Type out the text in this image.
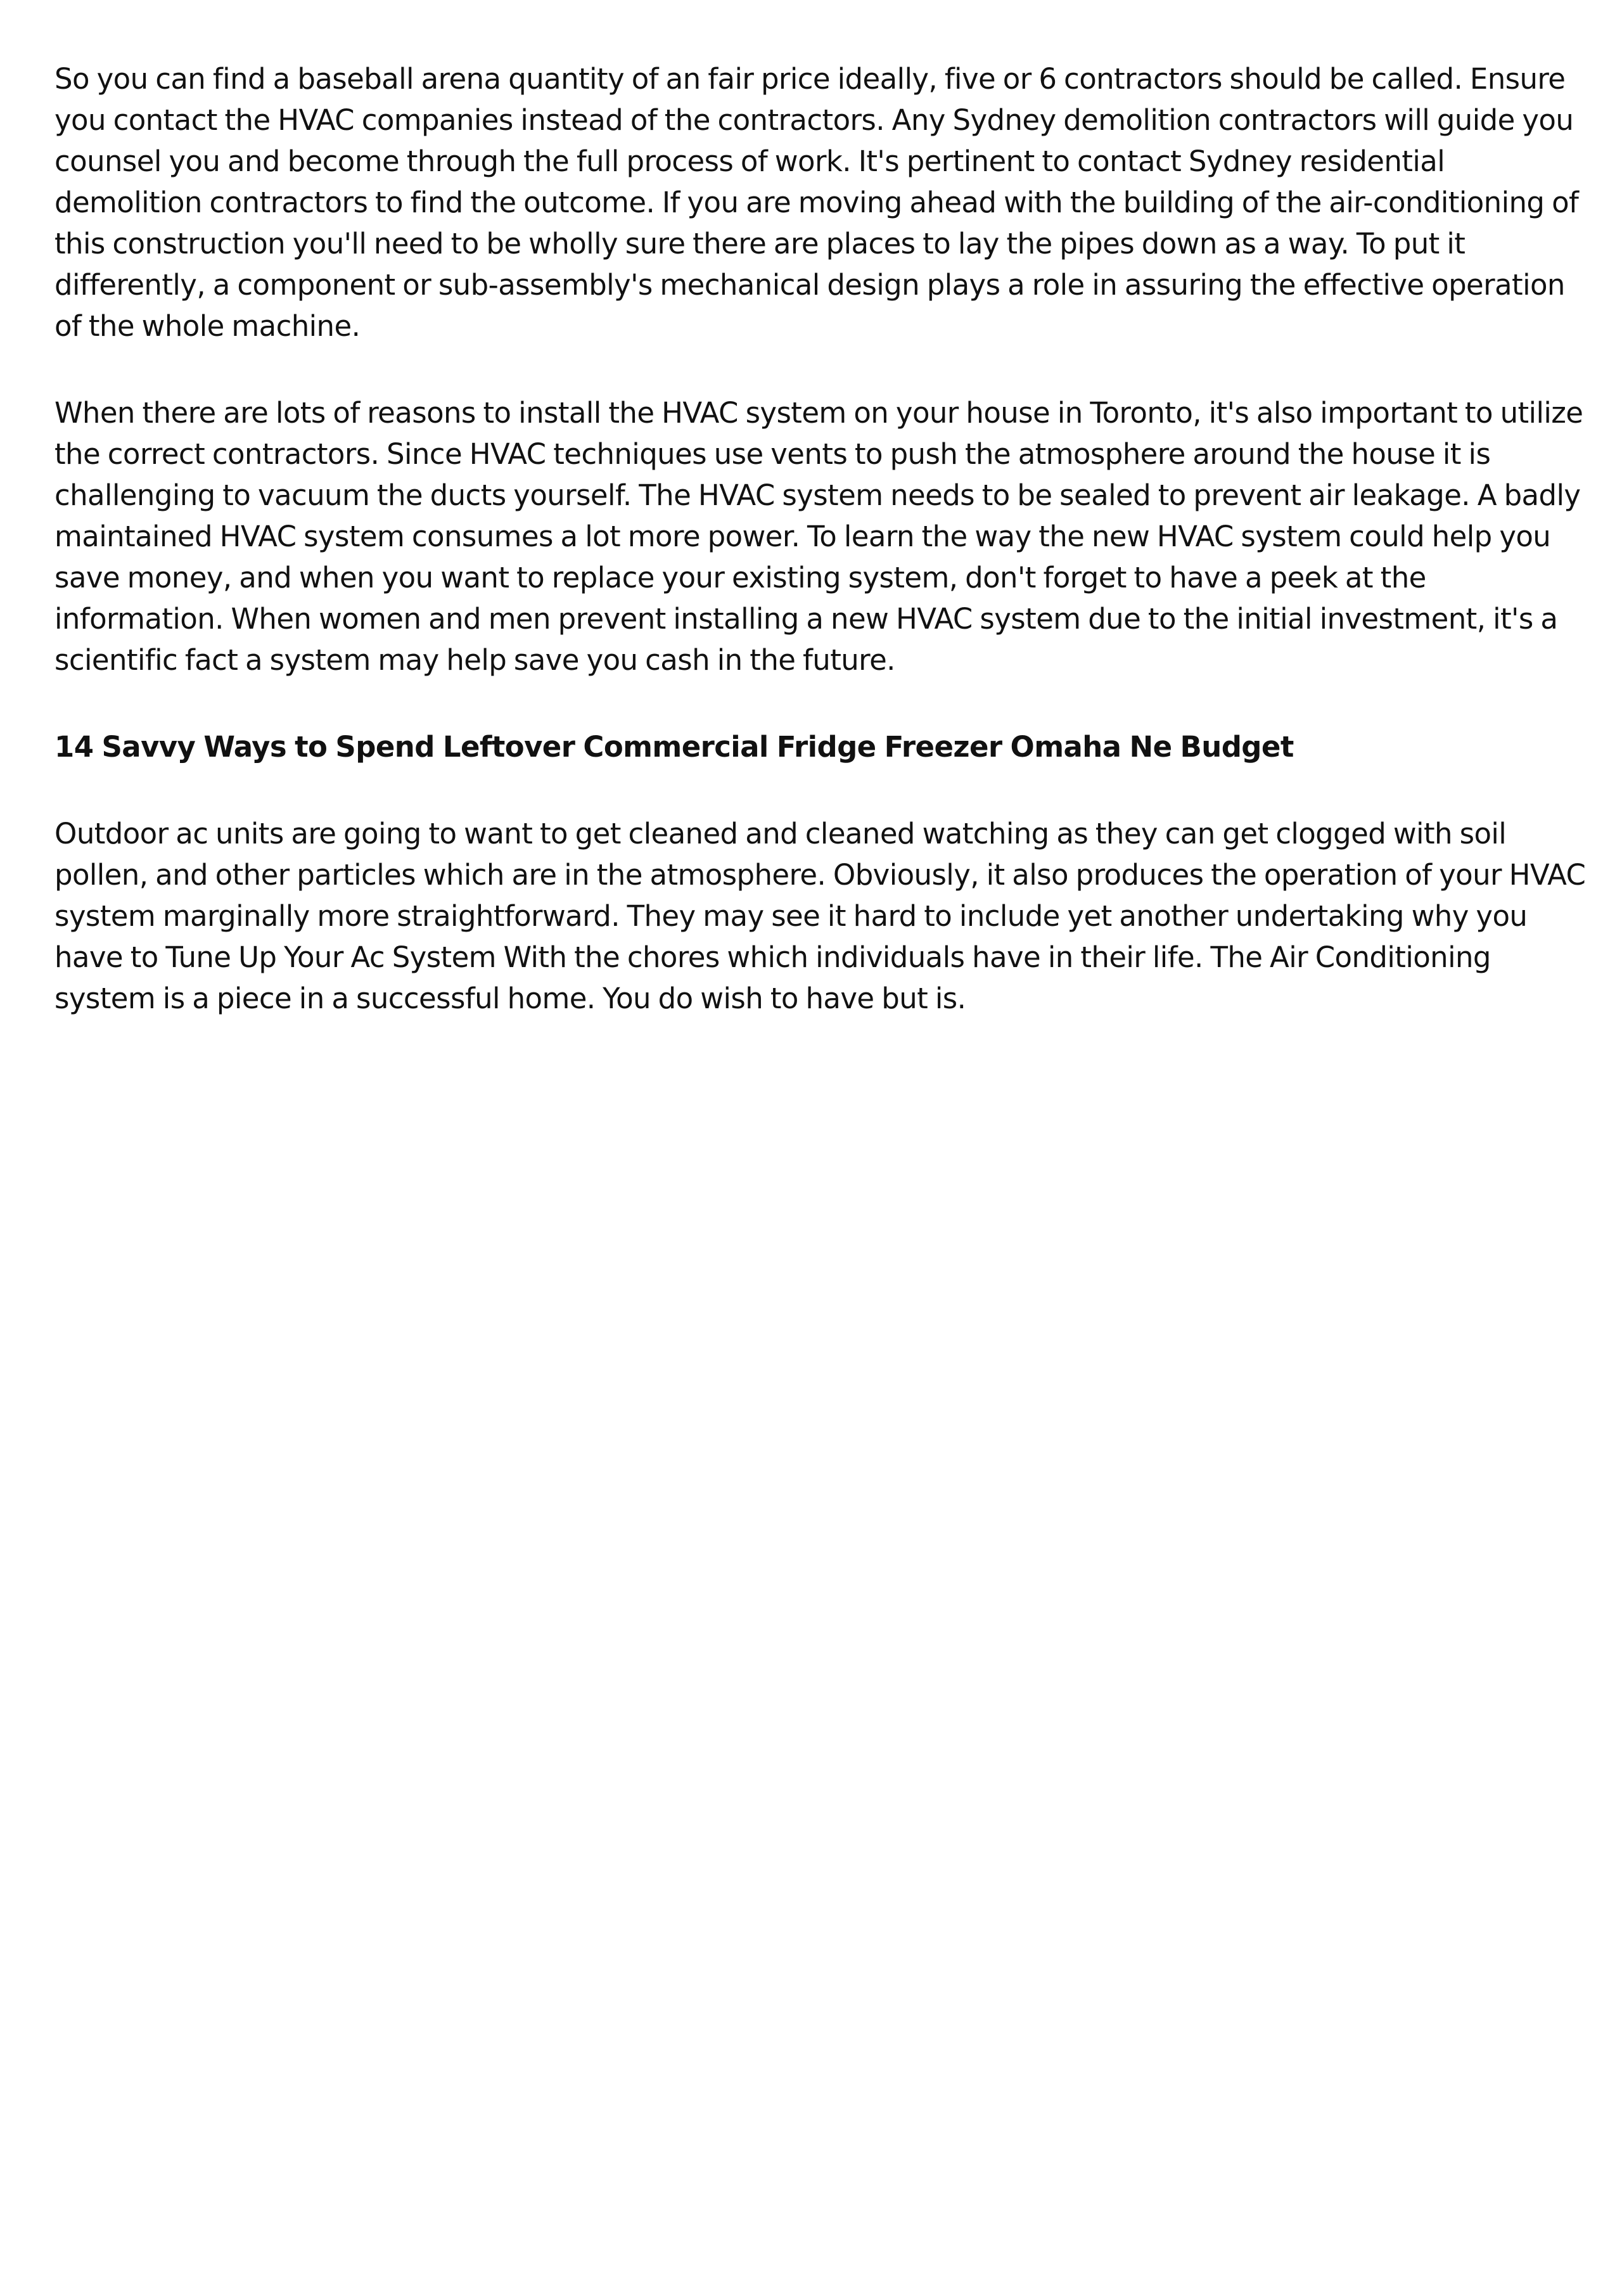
So you can find a baseball arena quantity of an fair price ideally, five or 6 contractors should be called. Ensure you contact the HVAC companies instead of the contractors. Any Sydney demolition contractors will guide you counsel you and become through the full process of work. It's pertinent to contact Sydney residential demolition contractors to find the outcome. If you are moving ahead with the building of the air-conditioning of this construction you'll need to be wholly sure there are places to lay the pipes down as a way. To put it differently, a component or sub-assembly's mechanical design plays a role in assuring the effective operation of the whole machine.

When there are lots of reasons to install the HVAC system on your house in Toronto, it's also important to utilize the correct contractors. Since HVAC techniques use vents to push the atmosphere around the house it is challenging to vacuum the ducts yourself. The HVAC system needs to be sealed to prevent air leakage. A badly maintained HVAC system consumes a lot more power. To learn the way the new HVAC system could help you save money, and when you want to replace your existing system, don't forget to have a peek at the information. When women and men prevent installing a new HVAC system due to the initial investment, it's a scientific fact a system may help save you cash in the future.

14 Savvy Ways to Spend Leftover Commercial Fridge Freezer Omaha Ne Budget

Outdoor ac units are going to want to get cleaned and cleaned watching as they can get clogged with soil pollen, and other particles which are in the atmosphere. Obviously, it also produces the operation of your HVAC system marginally more straightforward. They may see it hard to include yet another undertaking why you have to Tune Up Your Ac System With the chores which individuals have in their life. The Air Conditioning system is a piece in a successful home. You do wish to have but is.
